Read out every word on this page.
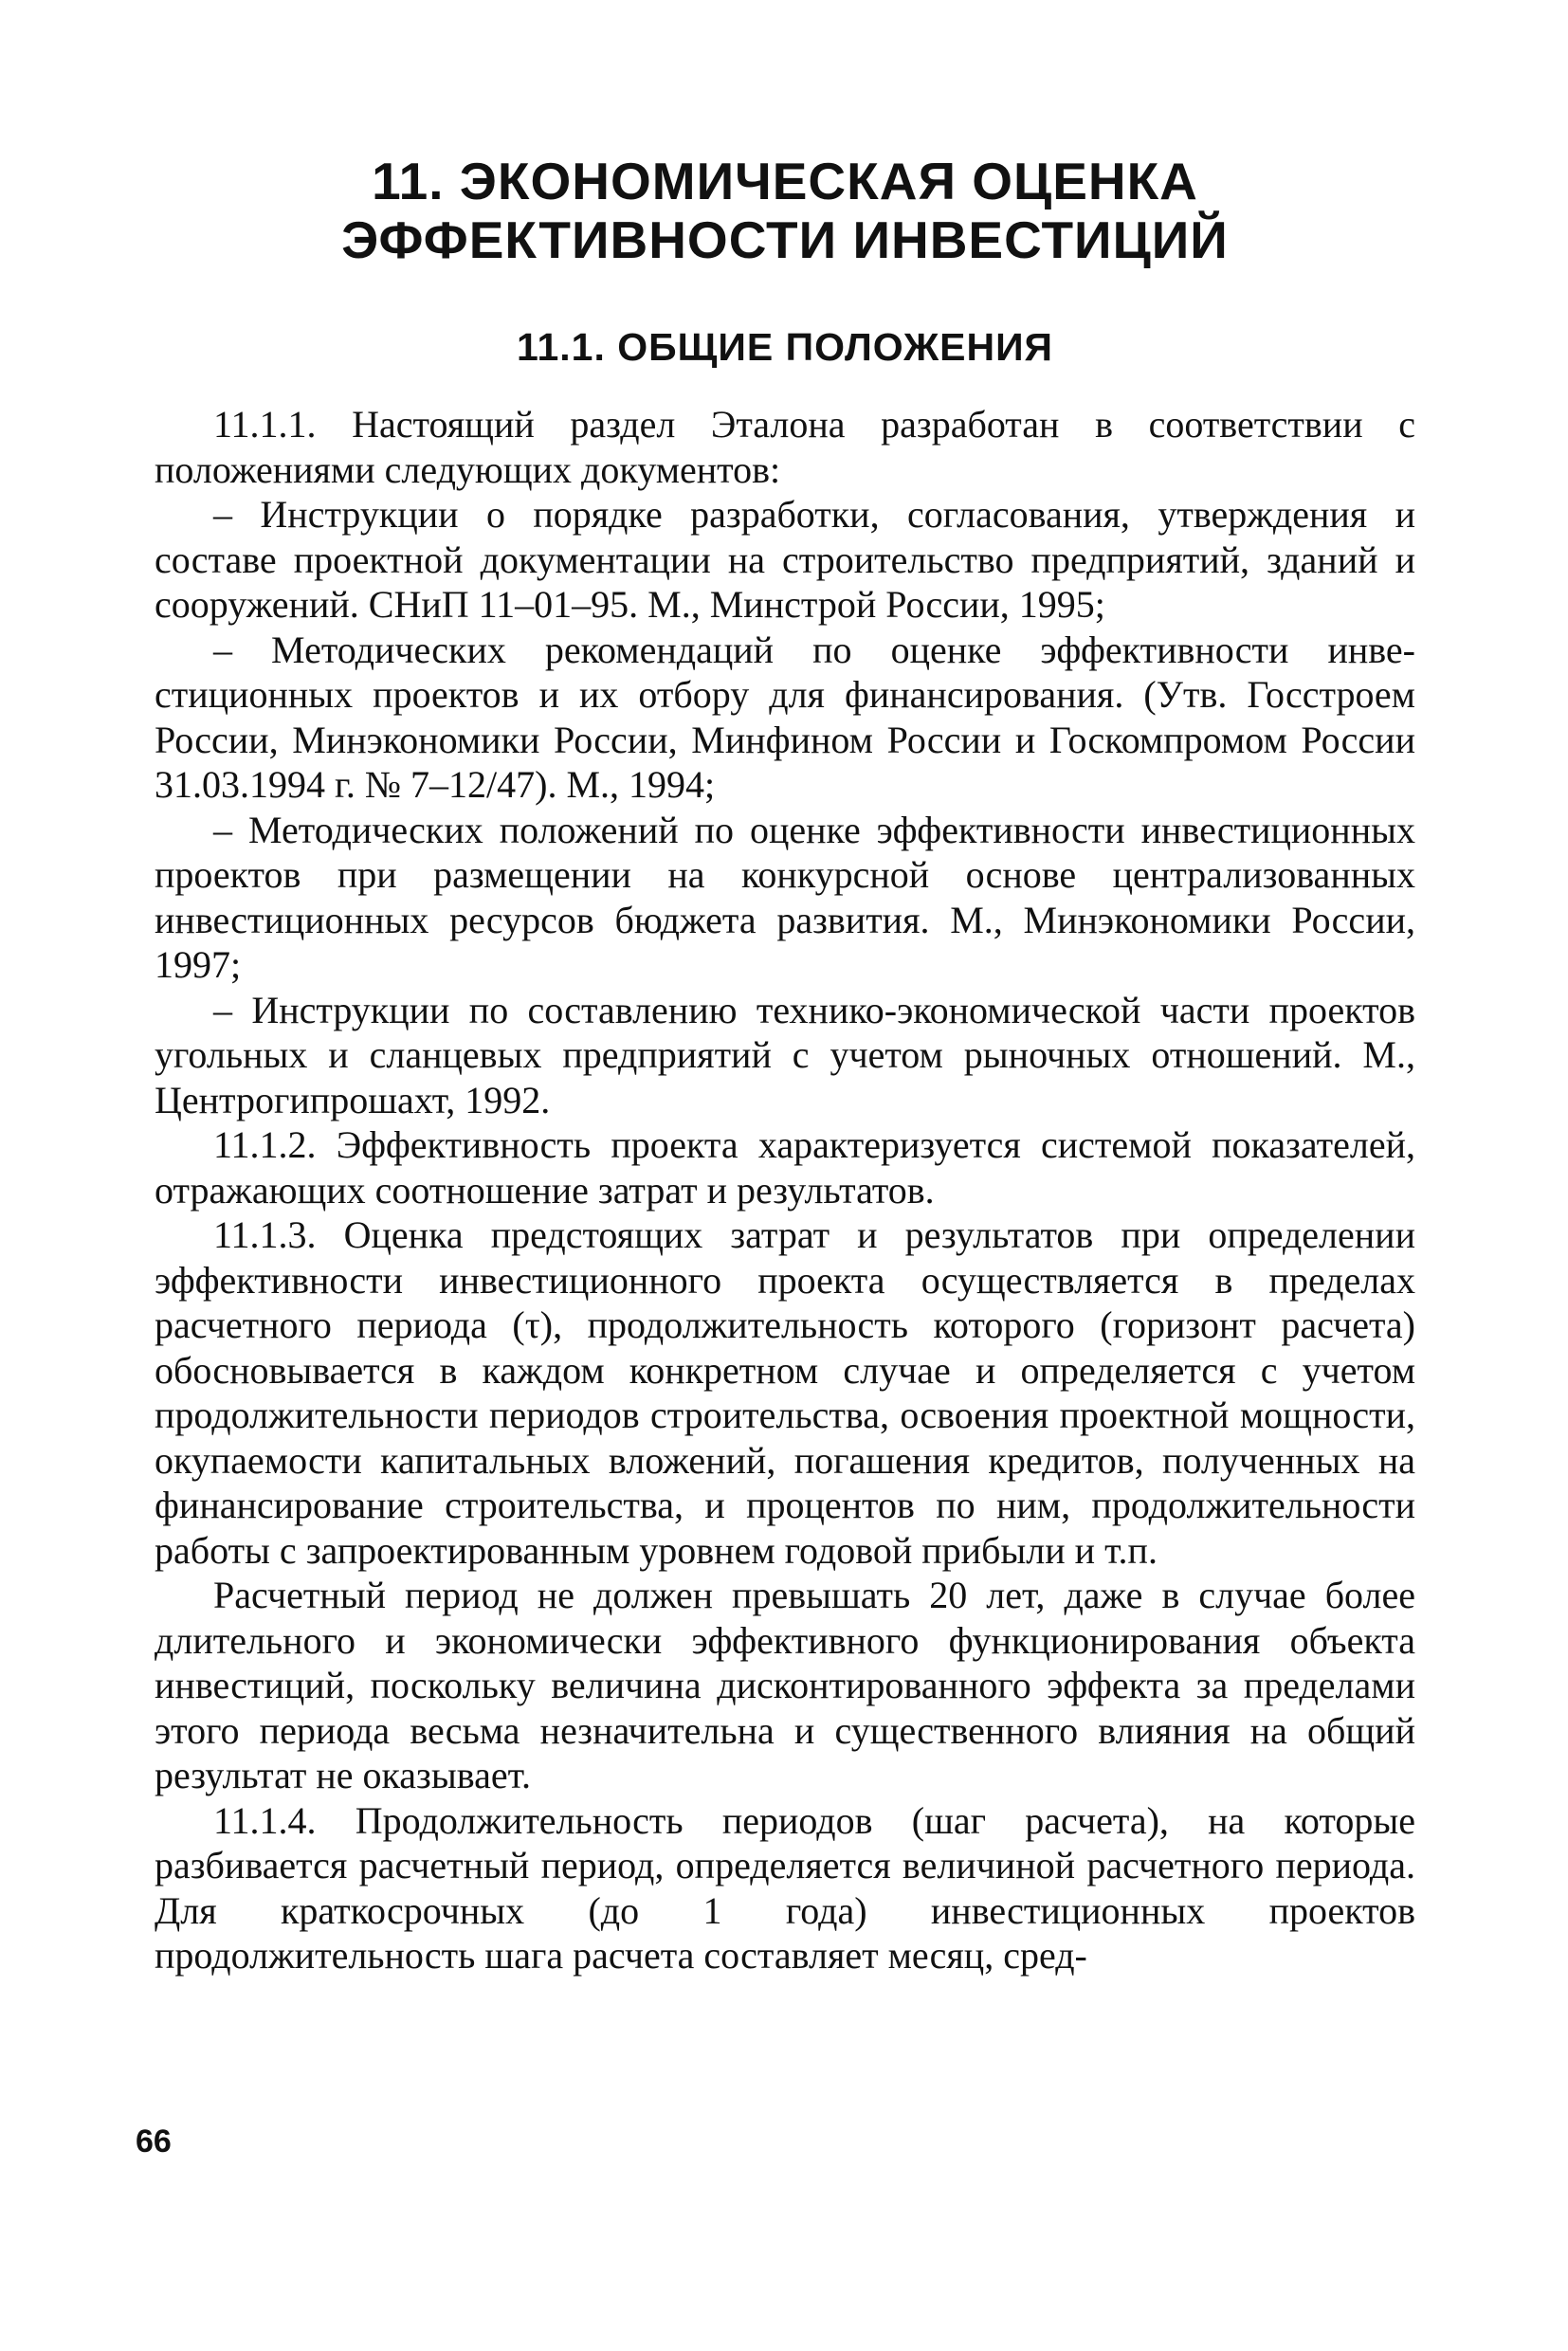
11. ЭКОНОМИЧЕСКАЯ ОЦЕНКА
ЭФФЕКТИВНОСТИ ИНВЕСТИЦИЙ
11.1. ОБЩИЕ ПОЛОЖЕНИЯ

11.1.1. Настоящий раздел Эталона разработан в соответствии с положениями следующих документов:

– Инструкции о порядке разработки, согласования, утверждения и составе проектной документации на строительство предприятий, зданий и сооружений. СНиП 11–01–95. М., Минстрой России, 1995;

– Методических рекомендаций по оценке эффективности инвестиционных проектов и их отбору для финансирования. (Утв. Госстроем России, Минэкономики России, Минфином России и Госкомпромом России 31.03.1994 г. № 7–12/47). М., 1994;

– Методических положений по оценке эффективности инвестиционных проектов при размещении на конкурсной основе централизованных инвестиционных ресурсов бюджета развития. М., Минэкономики России, 1997;

– Инструкции по составлению технико-экономической части проектов угольных и сланцевых предприятий с учетом рыночных отношений. М., Центрогипрошахт, 1992.

11.1.2. Эффективность проекта характеризуется системой показателей, отражающих соотношение затрат и результатов.

11.1.3. Оценка предстоящих затрат и результатов при определении эффективности инвестиционного проекта осуществляется в пределах расчетного периода (τ), продолжительность которого (горизонт расчета) обосновывается в каждом конкретном случае и определяется с учетом продолжительности периодов строительства, освоения проектной мощности, окупаемости капитальных вложений, погашения кредитов, полученных на финансирование строительства, и процентов по ним, продолжительности работы с запроектированным уровнем годовой прибыли и т.п.

Расчетный период не должен превышать 20 лет, даже в случае более длительного и экономически эффективного функционирования объекта инвестиций, поскольку величина дисконтированного эффекта за пределами этого периода весьма незначительна и существенного влияния на общий результат не оказывает.

11.1.4. Продолжительность периодов (шаг расчета), на которые разбивается расчетный период, определяется величиной расчетного периода. Для краткосрочных (до 1 года) инвестиционных проектов продолжительность шага расчета составляет месяц, сред-

66
